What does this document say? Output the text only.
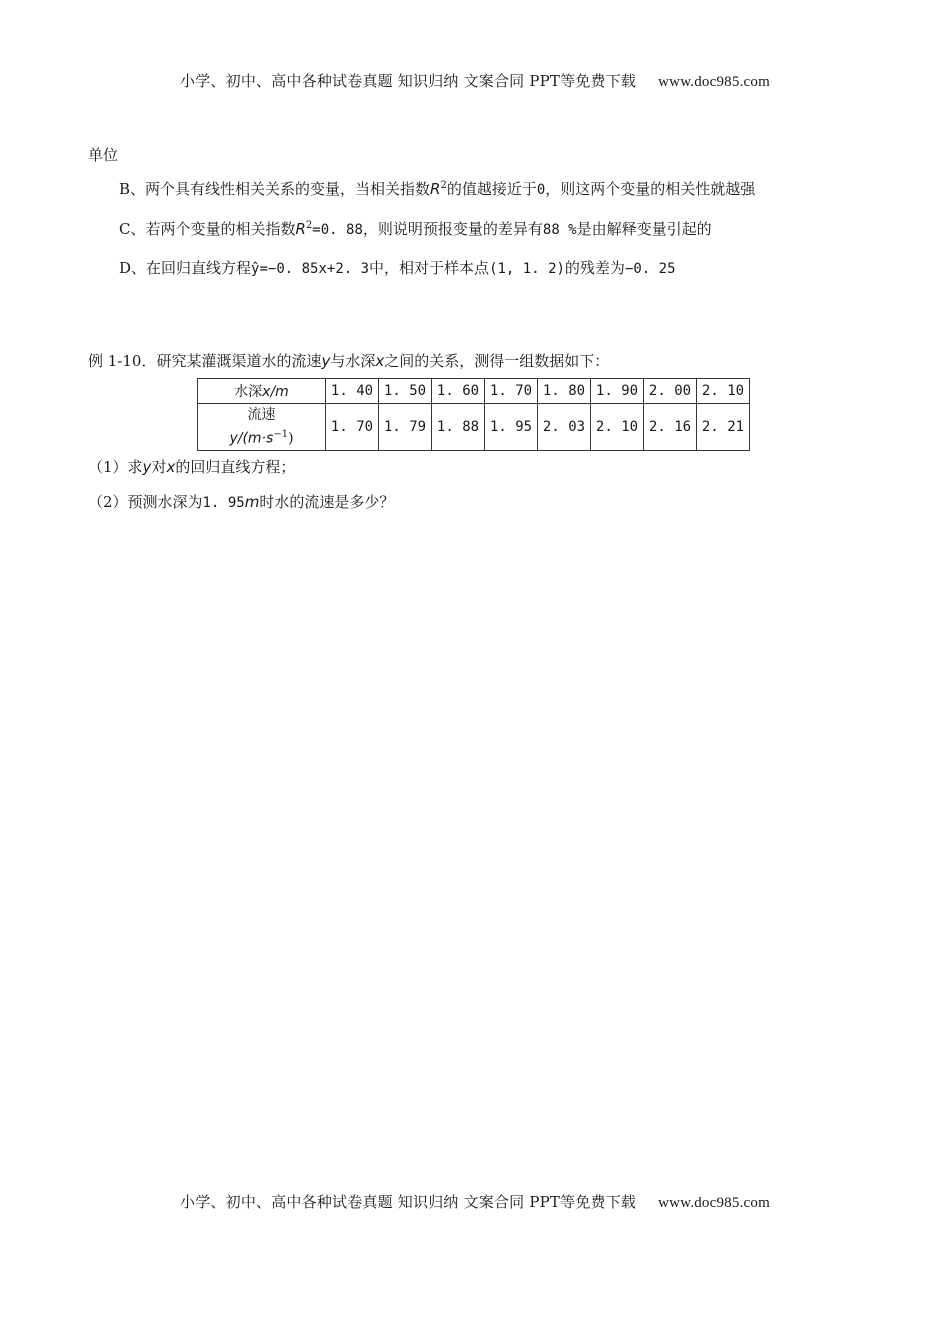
小学、初中、高中各种试卷真题 知识归纳 文案合同 PPT等免费下载 www.doc985.com
单位
B、两个具有线性相关关系的变量，当相关指数$R^2$的值越接近于0，则这两个变量的相关性就越强
C、若两个变量的相关指数$R^2=0$. 88，则说明预报变量的差异有88 %是由解释变量引起的
D、在回归直线方程ŷ=−0. 85x+2. 3中，相对于样本点(1, 1. 2)的残差为−0. 25
例 1-10．研究某灌溉渠道水的流速y与水深x之间的关系，测得一组数据如下：
水深x/m	1. 40	1. 50	1. 60	1. 70	1. 80	1. 90	2. 00	2. 10

流速
$y/(m\cdot s^{-1})$	1. 70	1. 79	1. 88	1. 95	2. 03	2. 10	2. 16	2. 21
（1）求y对x的回归直线方程；
（2）预测水深为1. 95m时水的流速是多少？
小学、初中、高中各种试卷真题 知识归纳 文案合同 PPT等免费下载 www.doc985.com
